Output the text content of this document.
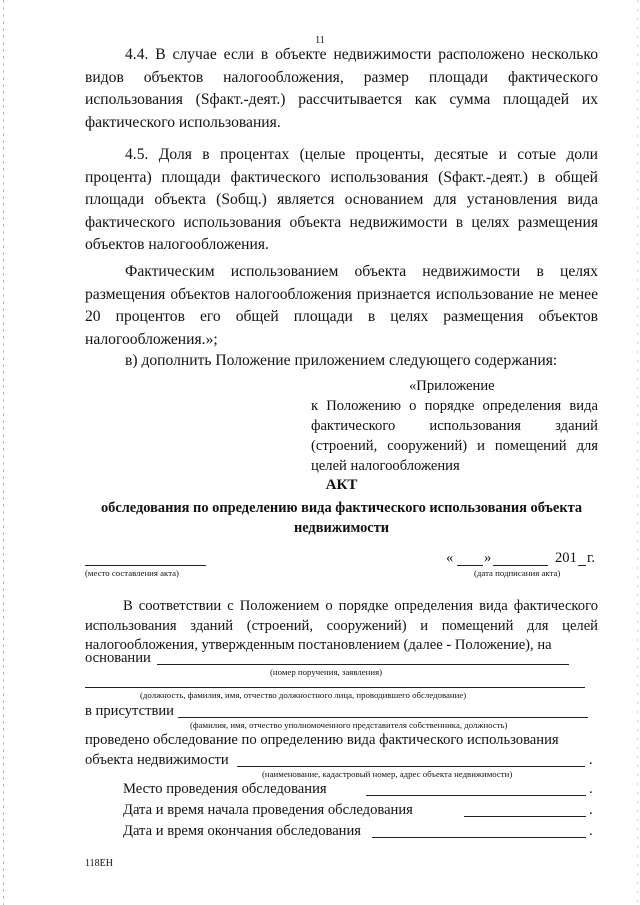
11
4.4. В случае если в объекте недвижимости расположено несколько видов объектов налогообложения, размер площади фактического использования (Sфакт.-деят.) рассчитывается как сумма площадей их фактического использования.
4.5. Доля в процентах (целые проценты, десятые и сотые доли процента) площади фактического использования (Sфакт.-деят.) в общей площади объекта (Sобщ.) является основанием для установления вида фактического использования объекта недвижимости в целях размещения объектов налогообложения.
Фактическим использованием объекта недвижимости в целях размещения объектов налогообложения признается использование не менее 20 процентов его общей площади в целях размещения объектов налогообложения.»;
в) дополнить Положение приложением следующего содержания:
«Приложение
к Положению о порядке определения вида фактического использования зданий (строений, сооружений) и помещений для целей налогообложения
АКТ
обследования по определению вида фактического использования объекта недвижимости
(место составления акта)
« »	201 г.
(дата подписания акта)
В соответствии с Положением о порядке определения вида фактического использования зданий (строений, сооружений) и помещений для целей налогообложения, утвержденным постановлением (далее - Положение), на
основании
(номер поручения, заявления)
(должность, фамилия, имя, отчество должностного лица, проводившего обследование)
в присутствии
(фамилия, имя, отчество уполномоченного представителя собственника, должность)
проведено обследование по определению вида фактического использования
объекта недвижимости	.
(наименование, кадастровый номер, адрес объекта недвижимости)
Место проведения обследования	.
Дата и время начала проведения обследования	.
Дата и время окончания обследования	.
118ЕН
